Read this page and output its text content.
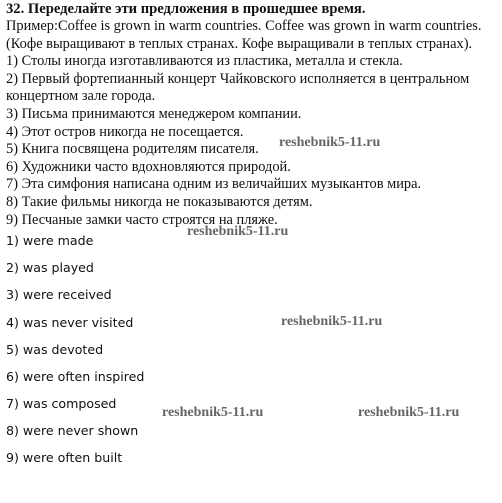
32. Переделайте эти предложения в прошедшее время.
Пример:Coffee is grown in warm countries. Coffee was grown in warm countries.
(Кофе выращивают в теплых странах. Кофе выращивали в теплых странах).
1) Столы иногда изготавливаются из пластика, металла и стекла.
2) Первый фортепианный концерт Чайковского исполняется в центральном
концертном зале города.
3) Письма принимаются менеджером компании.
4) Этот остров никогда не посещается.
5) Книга посвящена родителям писателя.
6) Художники часто вдохновляются природой.
7) Эта симфония написана одним из величайших музыкантов мира.
8) Такие фильмы никогда не показываются детям.
9) Песчаные замки часто строятся на пляже.
1) were made
2) was played
3) were received
4) was never visited
5) was devoted
6) were often inspired
7) was composed
8) were never shown
9) were often built
reshebnik5-11.ru
reshebnik5-11.ru
reshebnik5-11.ru
reshebnik5-11.ru	reshebnik5-11.ru
